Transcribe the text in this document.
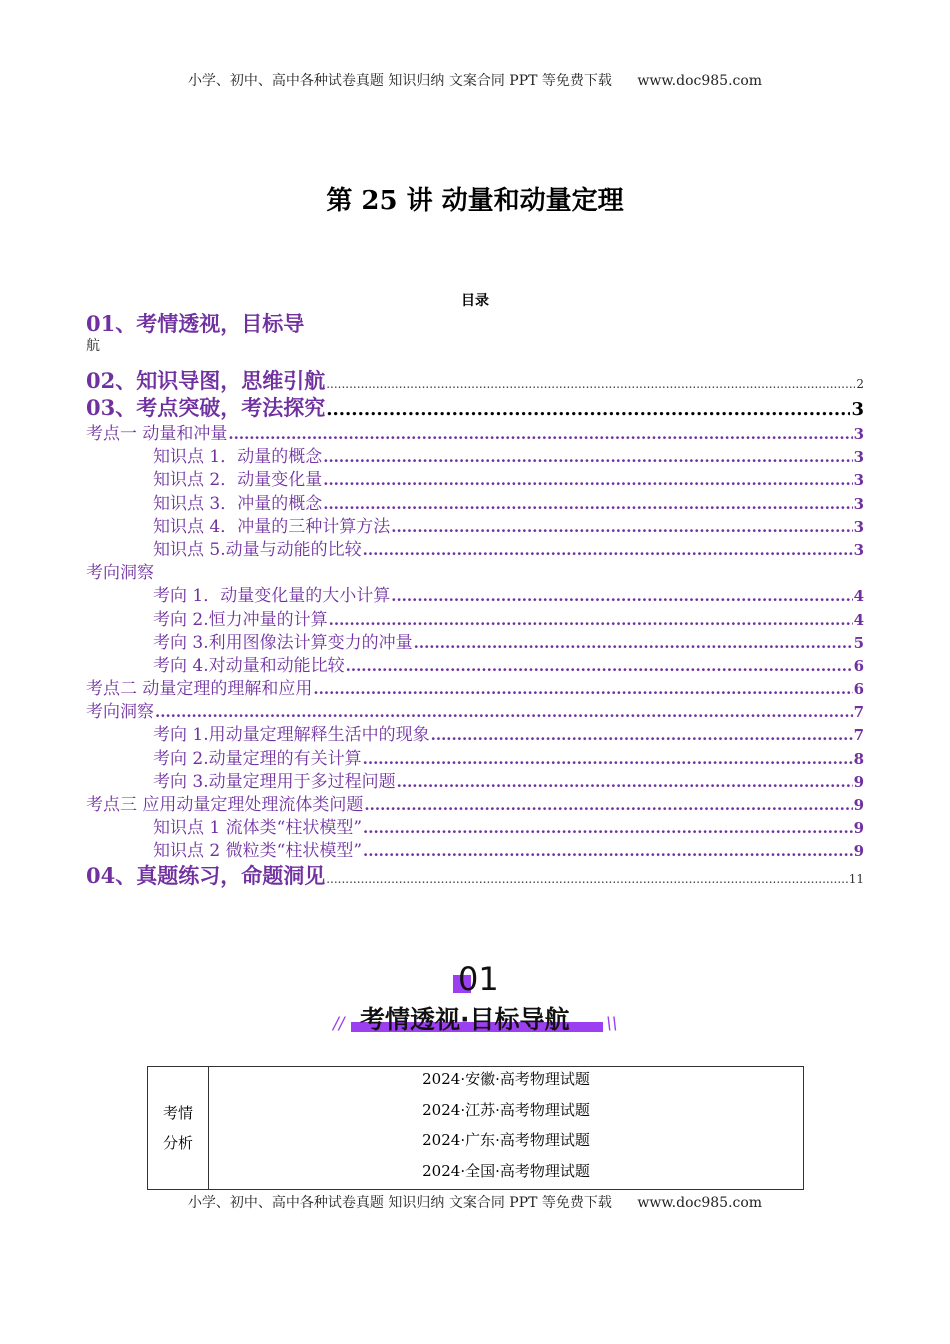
小学、初中、高中各种试卷真题 知识归纳 文案合同 PPT 等免费下载 www.doc985.com
第 25 讲 动量和动量定理
目录
01、考情透视，目标导
航
02、知识导图，思维引航 .....	2
03、考点突破，考法探究 .....	3
考点一 动量和冲量 .....	3
知识点 1．动量的概念 .....	3
知识点 2．动量变化量 .....	3
知识点 3．冲量的概念 .....	3
知识点 4．冲量的三种计算方法 .....	3
知识点 5.动量与动能的比较 .....	3
考向洞察
考向 1．动量变化量的大小计算 .....	4
考向 2.恒力冲量的计算 .....	4
考向 3.利用图像法计算变力的冲量 .....	5
考向 4.对动量和动能比较 .....	6
考点二 动量定理的理解和应用 .....	6
考向洞察 .....	7
考向 1.用动量定理解释生活中的现象 .....	7
考向 2.动量定理的有关计算 .....	8
考向 3.动量定理用于多过程问题 .....	9
考点三 应用动量定理处理流体类问题 .....	9
知识点 1 流体类“柱状模型” .....	9
知识点 2 微粒类“柱状模型” .....	9
04、真题练习，命题洞见 .....	11
01
考情透视·目标导航
//	\\
考情
分析
2024·安徽·高考物理试题
2024·江苏·高考物理试题
2024·广东·高考物理试题
2024·全国·高考物理试题
小学、初中、高中各种试卷真题 知识归纳 文案合同 PPT 等免费下载 www.doc985.com
